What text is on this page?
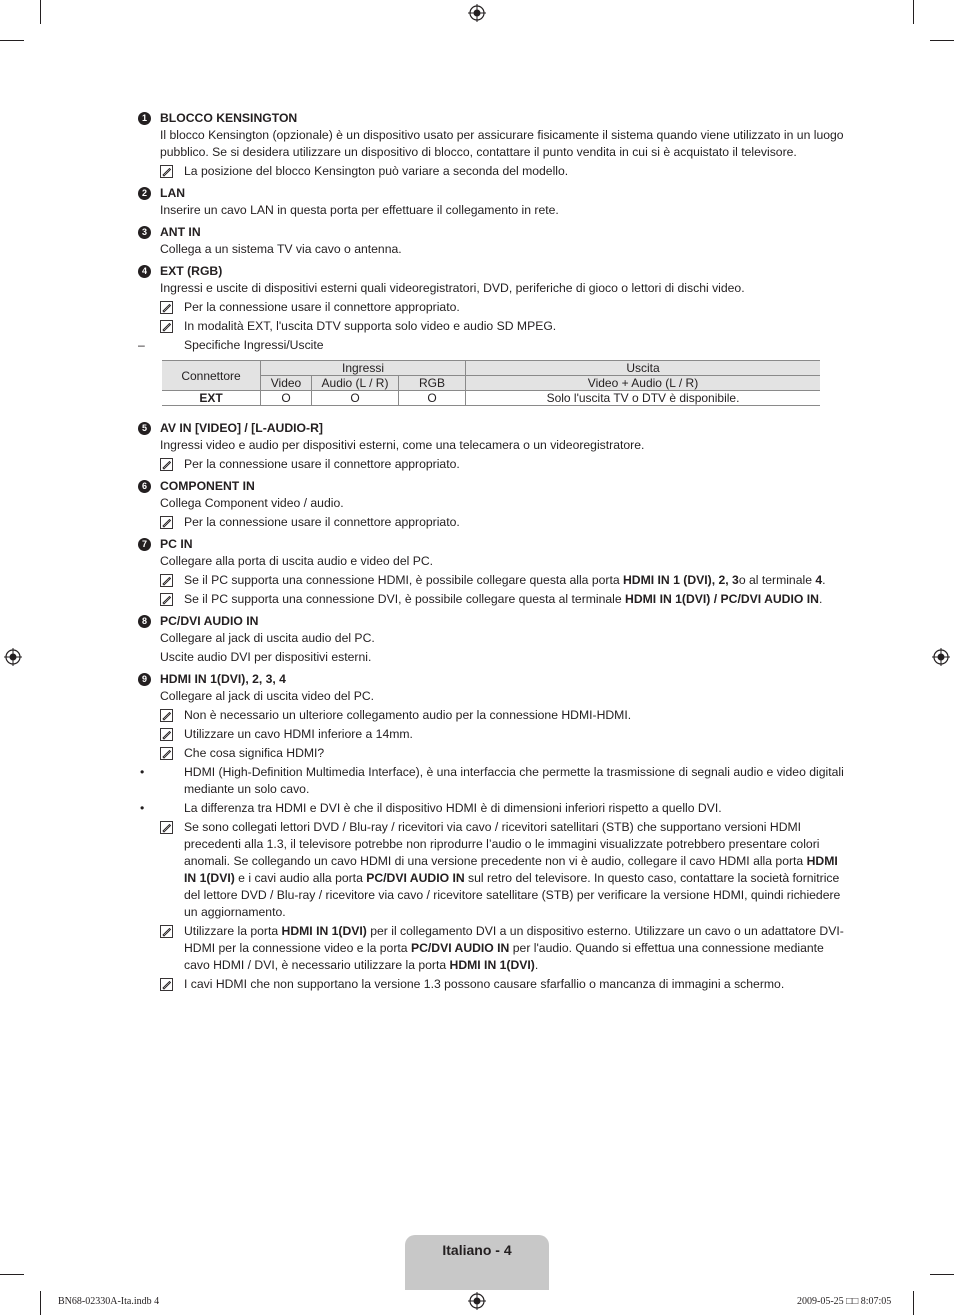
1	BLOCCO KENSINGTON
Il blocco Kensington (opzionale) è un dispositivo usato per assicurare fisicamente il sistema quando viene utilizzato in un luogo pubblico. Se si desidera utilizzare un dispositivo di blocco, contattare il punto vendita in cui si è acquistato il televisore.
La posizione del blocco Kensington può variare a seconda del modello.
2	LAN
Inserire un cavo LAN in questa porta per effettuare il collegamento in rete.
3	ANT IN
Collega a un sistema TV via cavo o antenna.
4	EXT (RGB)
Ingressi e uscite di dispositivi esterni quali videoregistratori, DVD, periferiche di gioco o lettori di dischi video.
Per la connessione usare il connettore appropriato.
In modalità EXT, l'uscita DTV supporta solo video e audio SD MPEG.
–	Specifiche Ingressi/Uscite
Connettore	Ingressi			Uscita
	Video	Audio (L / R)	RGB	Video + Audio (L / R)
EXT	O	O	O	Solo l'uscita TV o DTV è disponibile.
5	AV IN [VIDEO] / [L-AUDIO-R]
Ingressi video e audio per dispositivi esterni, come una telecamera o un videoregistratore.
Per la connessione usare il connettore appropriato.
6	COMPONENT IN
Collega Component video / audio.
Per la connessione usare il connettore appropriato.
7	PC IN
Collegare alla porta di uscita audio e video del PC.
Se il PC supporta una connessione HDMI, è possibile collegare questa alla porta HDMI IN 1 (DVI), 2, 3o al terminale 4.
Se il PC supporta una connessione DVI, è possibile collegare questa al terminale HDMI IN 1(DVI) / PC/DVI AUDIO IN.
8	PC/DVI AUDIO IN
Collegare al jack di uscita audio del PC.
Uscite audio DVI per dispositivi esterni.
9	HDMI IN 1(DVI), 2, 3, 4
Collegare al jack di uscita video del PC.
Non è necessario un ulteriore collegamento audio per la connessione HDMI-HDMI.
Utilizzare un cavo HDMI inferiore a 14mm.
Che cosa significa HDMI?
•	HDMI (High-Definition Multimedia Interface), è una interfaccia che permette la trasmissione di segnali audio e video digitali mediante un solo cavo.
•	La differenza tra HDMI e DVI è che il dispositivo HDMI è di dimensioni inferiori rispetto a quello DVI.
Se sono collegati lettori DVD / Blu-ray / ricevitori via cavo / ricevitori satellitari (STB) che supportano versioni HDMI precedenti alla 1.3, il televisore potrebbe non riprodurre l’audio o le immagini visualizzate potrebbero presentare colori anomali. Se collegando un cavo HDMI di una versione precedente non vi è audio, collegare il cavo HDMI alla porta HDMI IN 1(DVI) e i cavi audio alla porta PC/DVI AUDIO IN sul retro del televisore. In questo caso, contattare la società fornitrice del lettore DVD / Blu-ray / ricevitore via cavo / ricevitore satellitare (STB) per verificare la versione HDMI, quindi richiedere un aggiornamento.
Utilizzare la porta HDMI IN 1(DVI) per il collegamento DVI a un dispositivo esterno. Utilizzare un cavo o un adattatore DVI-HDMI per la connessione video e la porta PC/DVI AUDIO IN per l'audio. Quando si effettua una connessione mediante cavo HDMI / DVI, è necessario utilizzare la porta HDMI IN 1(DVI).
I cavi HDMI che non supportano la versione 1.3 possono causare sfarfallio o mancanza di immagini a schermo.
Italiano - 4
BN68-02330A-Ita.indb 4	2009-05-25 □□ 8:07:05
